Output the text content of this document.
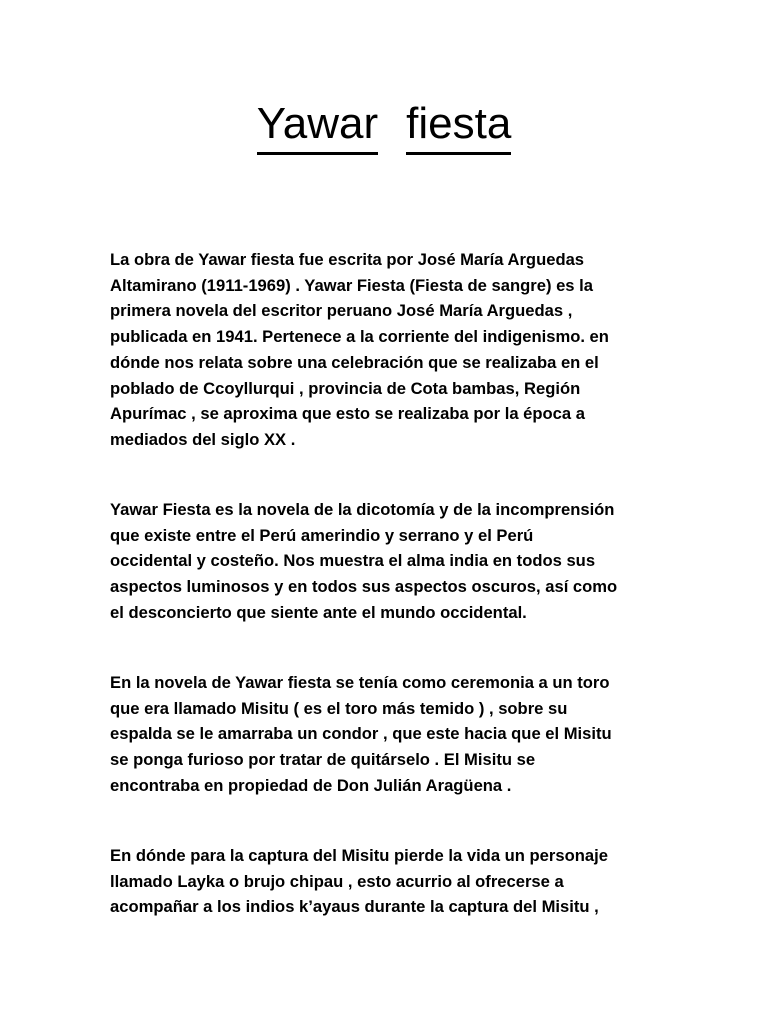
Yawar fiesta

La obra de Yawar fiesta fue escrita por José María Arguedas
Altamirano (1911-1969) . Yawar Fiesta (Fiesta de sangre) es la
primera novela del escritor peruano José María Arguedas ,
publicada en 1941. Pertenece a la corriente del indigenismo. en
dónde nos relata sobre una celebración que se realizaba en el
poblado de Ccoyllurqui , provincia de Cota bambas, Región
Apurímac , se aproxima que esto se realizaba por la época a
mediados del siglo XX .

Yawar Fiesta es la novela de la dicotomía y de la incomprensión
que existe entre el Perú amerindio y serrano y el Perú
occidental y costeño. Nos muestra el alma india en todos sus
aspectos luminosos y en todos sus aspectos oscuros, así como
el desconcierto que siente ante el mundo occidental.

En la novela de Yawar fiesta se tenía como ceremonia a un toro
que era llamado Misitu ( es el toro más temido ) , sobre su
espalda se le amarraba un condor , que este hacia que el Misitu
se ponga furioso por tratar de quitárselo . El Misitu se
encontraba en propiedad de Don Julián Aragüena .

En dónde para la captura del Misitu pierde la vida un personaje
llamado Layka o brujo chipau , esto acurrio al ofrecerse a
acompañar a los indios k’ayaus durante la captura del Misitu ,
